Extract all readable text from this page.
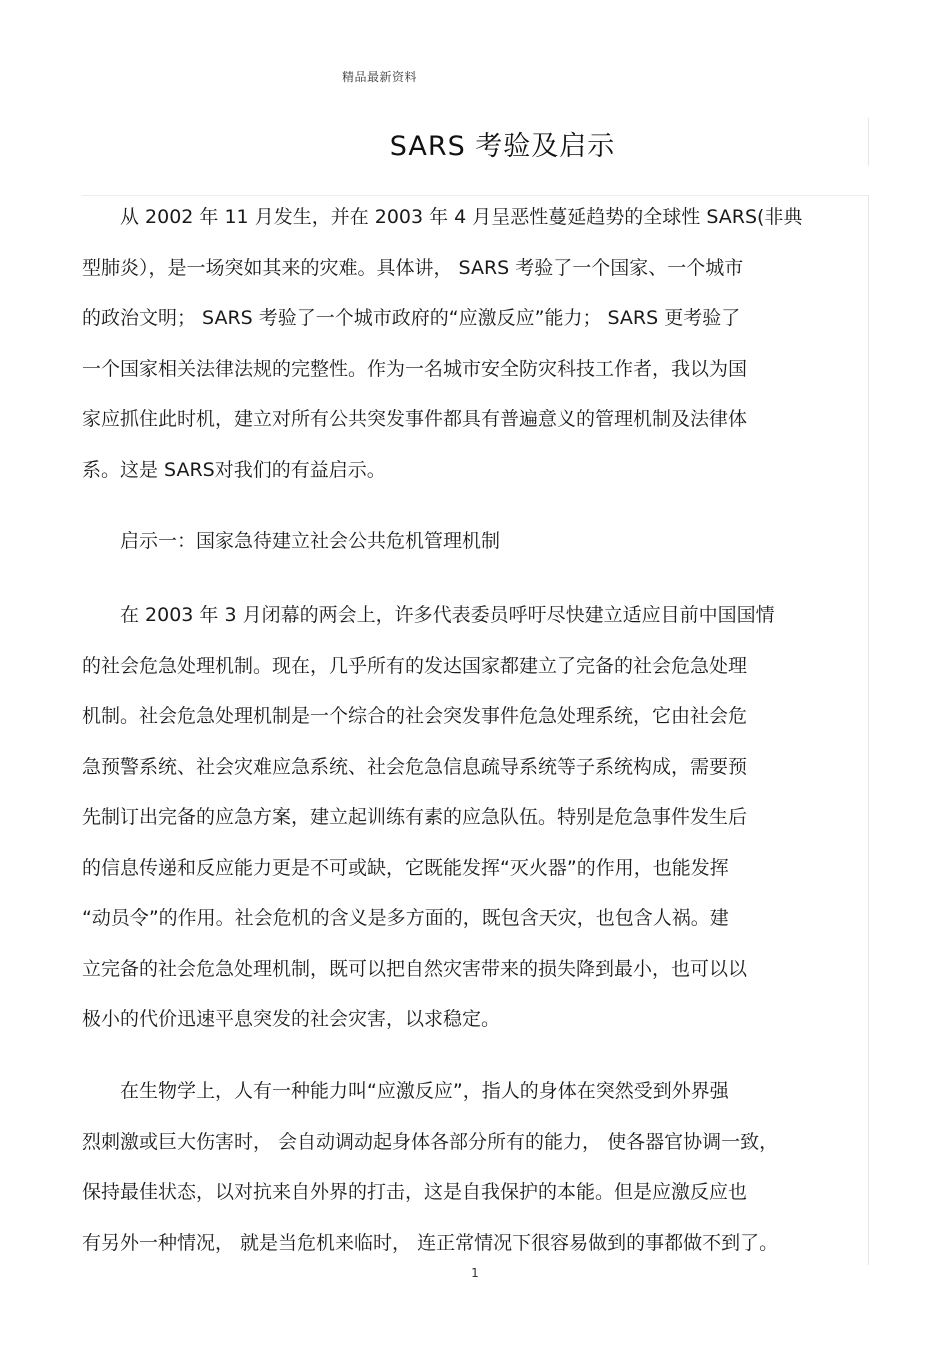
精品最新资料
SARS 考验及启示
从 2002 年 11 月发生，并在 2003 年 4 月呈恶性蔓延趋势的全球性 SARS(非典
型肺炎），是一场突如其来的灾难。具体讲， SARS 考验了一个国家、一个城市
的政治文明； SARS 考验了一个城市政府的“应激反应”能力； SARS 更考验了
一个国家相关法律法规的完整性。作为一名城市安全防灾科技工作者，我以为国
家应抓住此时机，建立对所有公共突发事件都具有普遍意义的管理机制及法律体
系。这是 SARS对我们的有益启示。
启示一：国家急待建立社会公共危机管理机制
在 2003 年 3 月闭幕的两会上，许多代表委员呼吁尽快建立适应目前中国国情
的社会危急处理机制。现在，几乎所有的发达国家都建立了完备的社会危急处理
机制。社会危急处理机制是一个综合的社会突发事件危急处理系统，它由社会危
急预警系统、社会灾难应急系统、社会危急信息疏导系统等子系统构成，需要预
先制订出完备的应急方案，建立起训练有素的应急队伍。特别是危急事件发生后
的信息传递和反应能力更是不可或缺，它既能发挥“灭火器”的作用，也能发挥
“动员令”的作用。社会危机的含义是多方面的，既包含天灾，也包含人祸。建
立完备的社会危急处理机制，既可以把自然灾害带来的损失降到最小，也可以以
极小的代价迅速平息突发的社会灾害，以求稳定。
在生物学上，人有一种能力叫“应激反应”，指人的身体在突然受到外界强
烈刺激或巨大伤害时， 会自动调动起身体各部分所有的能力， 使各器官协调一致，
保持最佳状态，以对抗来自外界的打击，这是自我保护的本能。但是应激反应也
有另外一种情况， 就是当危机来临时， 连正常情况下很容易做到的事都做不到了。
1
